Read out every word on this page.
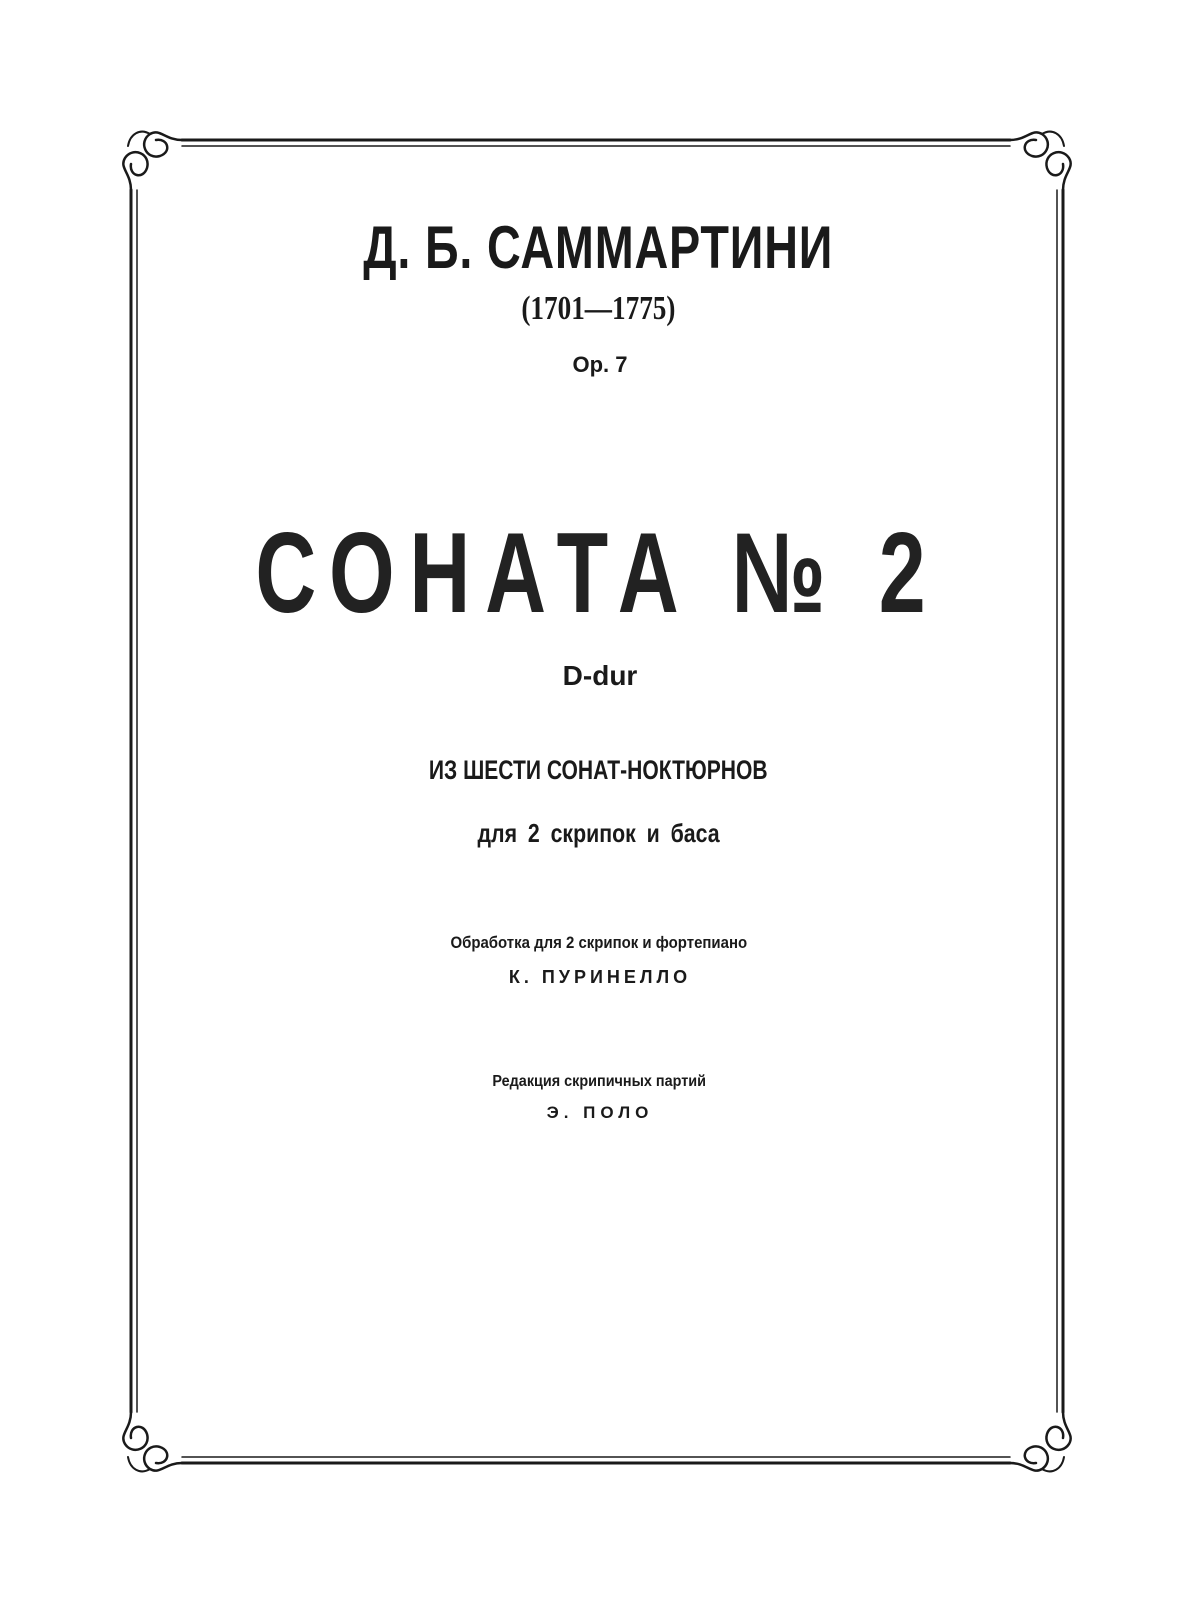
Д. Б. САММАРТИНИ
(1701—1775)
Ор. 7
СОНАТА № 2
D-dur
ИЗ ШЕСТИ СОНАТ-НОКТЮРНОВ
для 2 скрипок и баса
Обработка для 2 скрипок и фортепиано
К. ПУРИНЕЛЛО
Редакция скрипичных партий
Э. ПОЛО
